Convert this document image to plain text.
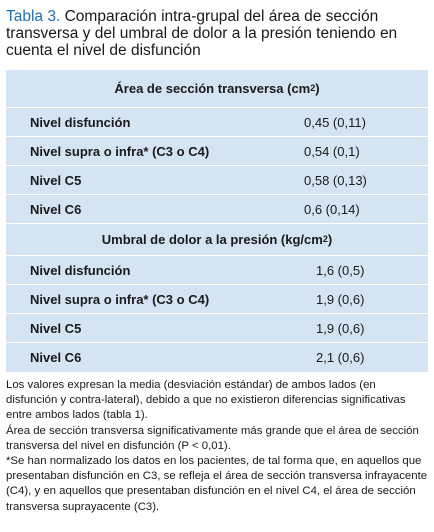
Tabla 3. Comparación intra-grupal del área de sección transversa y del umbral de dolor a la presión teniendo en cuenta el nivel de disfunción
Área de sección transversa (cm 2 )
Nivel disfunción	0,45 (0,11)
Nivel supra o infra* (C3 o C4)	0,54 (0,1)
Nivel C5	0,58 (0,13)
Nivel C6	0,6 (0,14)
Umbral de dolor a la presión (kg/cm 2 )
Nivel disfunción	1,6 (0,5)
Nivel supra o infra* (C3 o C4)	1,9 (0,6)
Nivel C5	1,9 (0,6)
Nivel C6	2,1 (0,6)

Los valores expresan la media (desviación estándar) de ambos lados (en disfunción y contra-lateral), debido a que no existieron diferencias significativas entre ambos lados (tabla 1).

Área de sección transversa significativamente más grande que el área de sección transversa del nivel en disfunción (P < 0,01).

*Se han normalizado los datos en los pacientes, de tal forma que, en aquellos que presentaban disfunción en C3, se refleja el área de sección transversa infrayacente (C4), y en aquellos que presentaban disfunción en el nivel C4, el área de sección transversa suprayacente (C3).
